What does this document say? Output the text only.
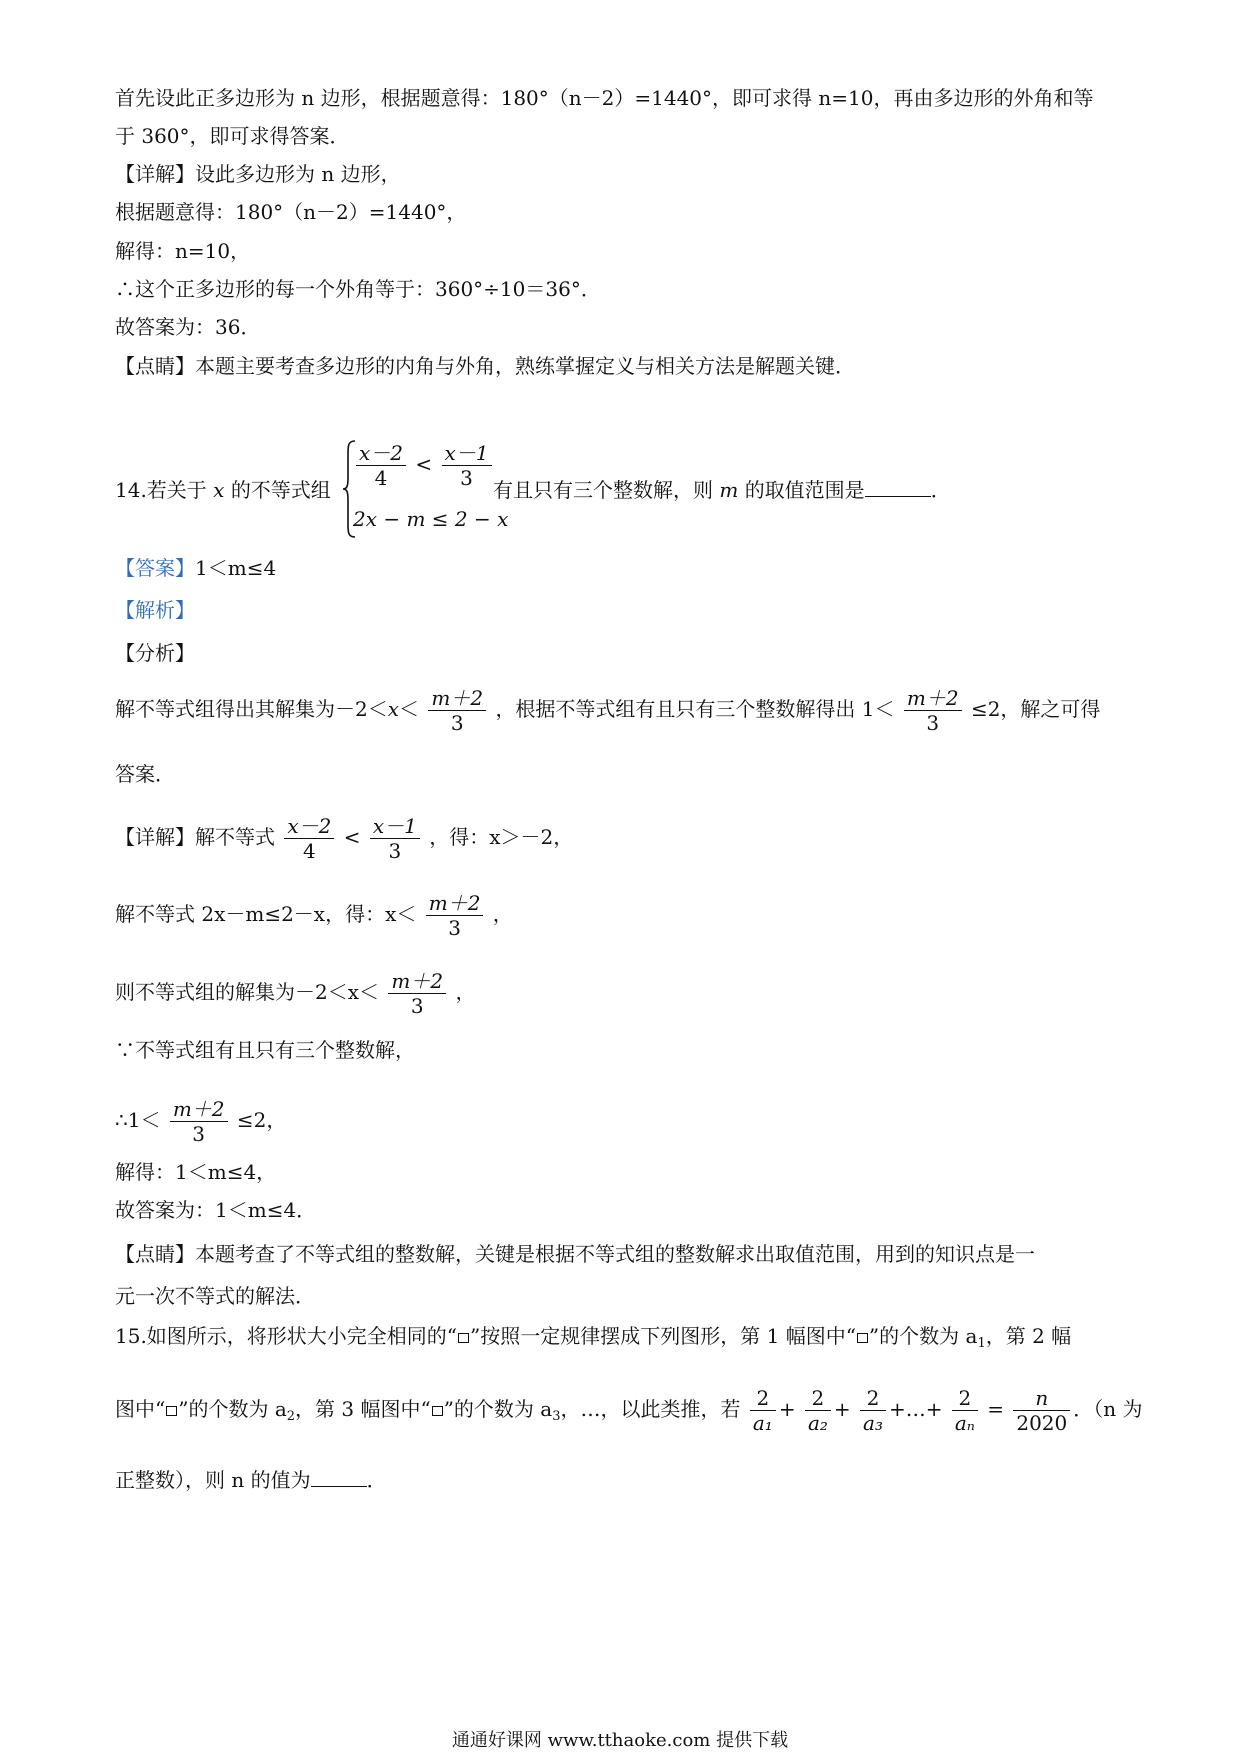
首先设此正多边形为 n 边形，根据题意得：180°（n－2）=1440°，即可求得 n=10，再由多边形的外角和等
于 360°，即可求得答案．
【详解】设此多边形为 n 边形，
根据题意得：180°（n－2）=1440°，
解得：n=10，
∴这个正多边形的每一个外角等于：360°÷10＝36°．
故答案为：36．
【点睛】本题主要考查多边形的内角与外角，熟练掌握定义与相关方法是解题关键．
14.若关于 x 的不等式组 $\frac{x-2}{4} < \frac{x-1}{3}$
2x − m ≤ 2 − x
有且只有三个整数解，则 m 的取值范围是	．
【答案】1＜m≤4
【解析】
【分析】
解不等式组得出其解集为$-2<x< \frac{m+2}{3}$ ，根据不等式组有且只有三个整数解得出 $1< \frac{m+2}{3} \le 2$，解之可得
答案．
【详解】解不等式 $\frac{x-2}{4} < \frac{x-1}{3}$ ，得：x＞－2，
解不等式 2x－m≤2－x，得：$x< \frac{m+2}{3}$ ，
则不等式组的解集为$-2<x< \frac{m+2}{3}$ ，
∵不等式组有且只有三个整数解，
∴1＜ $\frac{m+2}{3} \le 2$，
解得：1＜m≤4，
故答案为：1＜m≤4．
【点睛】本题考查了不等式组的整数解，关键是根据不等式组的整数解求出取值范围，用到的知识点是一
元一次不等式的解法．
15.如图所示，将形状大小完全相同的“ ”按照一定规律摆成下列图形，第 1 幅图中“ ”的个数为 $a_1$，第 2 幅
图中“ ”的个数为 $a_2$，第 3 幅图中“ ”的个数为 $a_3$，…，以此类推，若 $\frac{2}{\text{a₁}} + \frac{2}{\text{a₂}} + \frac{2}{\text{a₃}}$ +…+ $\frac{2}{\text{aₙ}} = \frac{n}{2020}$ ．（n 为
正整数），则 n 的值为	．
通通好课网 www.tthaoke.com 提供下载
